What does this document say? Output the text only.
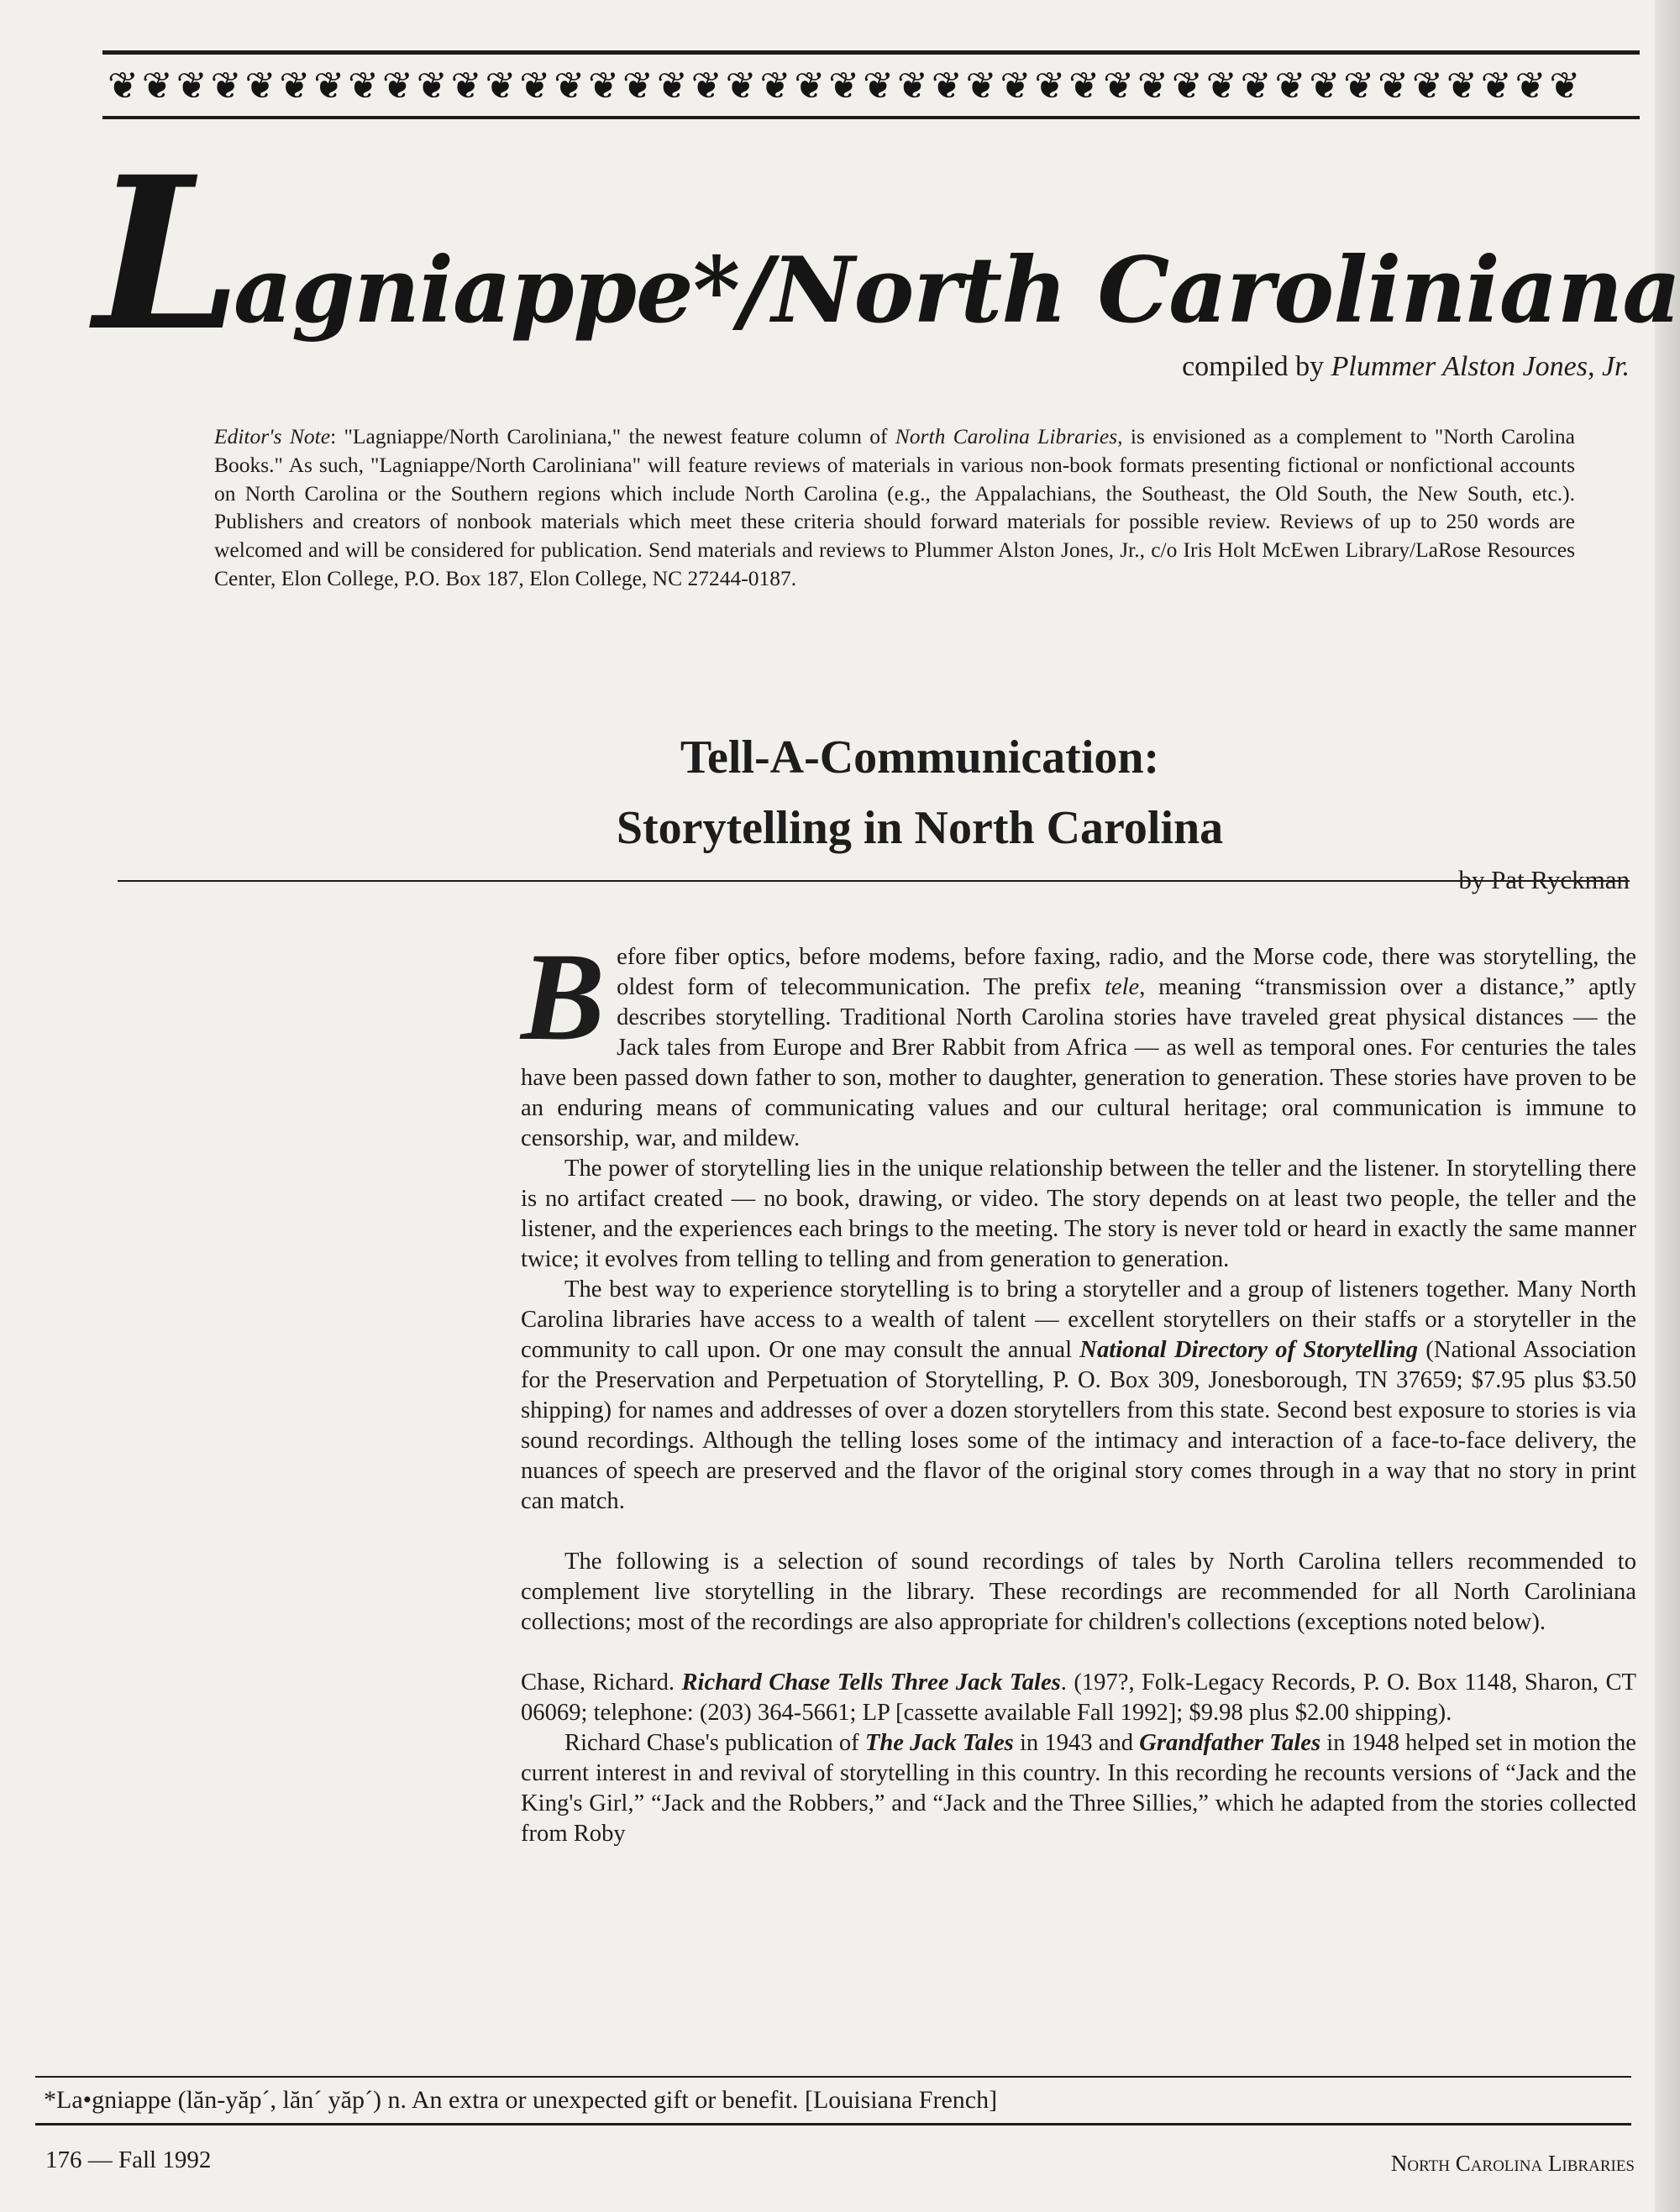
❦❦❦❦❦❦❦❦❦❦❦❦❦❦❦❦❦❦❦❦❦❦❦❦❦❦❦❦❦❦❦❦❦❦❦❦❦❦❦❦❦❦❦
L
agniappe*/North Caroliniana
compiled by Plummer Alston Jones, Jr.
Editor's Note: "Lagniappe/North Caroliniana," the newest feature column of North Carolina Libraries, is envisioned as a complement to "North Carolina Books." As such, "Lagniappe/North Caroliniana" will feature reviews of materials in various non-book formats presenting fictional or nonfictional accounts on North Carolina or the Southern regions which include North Carolina (e.g., the Appalachians, the Southeast, the Old South, the New South, etc.). Publishers and creators of nonbook materials which meet these criteria should forward materials for possible review. Reviews of up to 250 words are welcomed and will be considered for publication. Send materials and reviews to Plummer Alston Jones, Jr., c/o Iris Holt McEwen Library/LaRose Resources Center, Elon College, P.O. Box 187, Elon College, NC 27244-0187.
Tell-A-Communication:
Storytelling in North Carolina
by Pat Ryckman

Before fiber optics, before modems, before faxing, radio, and the Morse code, there was storytelling, the oldest form of telecommunication. The prefix tele, meaning “transmission over a distance,” aptly describes storytelling. Traditional North Carolina stories have traveled great physical distances — the Jack tales from Europe and Brer Rabbit from Africa — as well as temporal ones. For centuries the tales have been passed down father to son, mother to daughter, generation to generation. These stories have proven to be an enduring means of communicating values and our cultural heritage; oral communication is immune to censorship, war, and mildew.

The power of storytelling lies in the unique relationship between the teller and the listener. In storytelling there is no artifact created — no book, drawing, or video. The story depends on at least two people, the teller and the listener, and the experiences each brings to the meeting. The story is never told or heard in exactly the same manner twice; it evolves from telling to telling and from generation to generation.

The best way to experience storytelling is to bring a storyteller and a group of listeners together. Many North Carolina libraries have access to a wealth of talent — excellent storytellers on their staffs or a storyteller in the community to call upon. Or one may consult the annual National Directory of Storytelling (National Association for the Preservation and Perpetuation of Storytelling, P. O. Box 309, Jonesborough, TN 37659; $7.95 plus $3.50 shipping) for names and addresses of over a dozen storytellers from this state. Second best exposure to stories is via sound recordings. Although the telling loses some of the intimacy and interaction of a face-to-face delivery, the nuances of speech are preserved and the flavor of the original story comes through in a way that no story in print can match.

The following is a selection of sound recordings of tales by North Carolina tellers recommended to complement live storytelling in the library. These recordings are recommended for all North Caroliniana collections; most of the recordings are also appropriate for children's collections (exceptions noted below).

Chase, Richard. Richard Chase Tells Three Jack Tales. (197?, Folk-Legacy Records, P. O. Box 1148, Sharon, CT 06069; telephone: (203) 364-5661; LP [cassette available Fall 1992]; $9.98 plus $2.00 shipping).

Richard Chase's publication of The Jack Tales in 1943 and Grandfather Tales in 1948 helped set in motion the current interest in and revival of storytelling in this country. In this recording he recounts versions of “Jack and the King's Girl,” “Jack and the Robbers,” and “Jack and the Three Sillies,” which he adapted from the stories collected from Roby

*La•gniappe (lăn-yăp´, lăn´ yăp´) n. An extra or unexpected gift or benefit. [Louisiana French]
176 — Fall 1992	North Carolina Libraries
